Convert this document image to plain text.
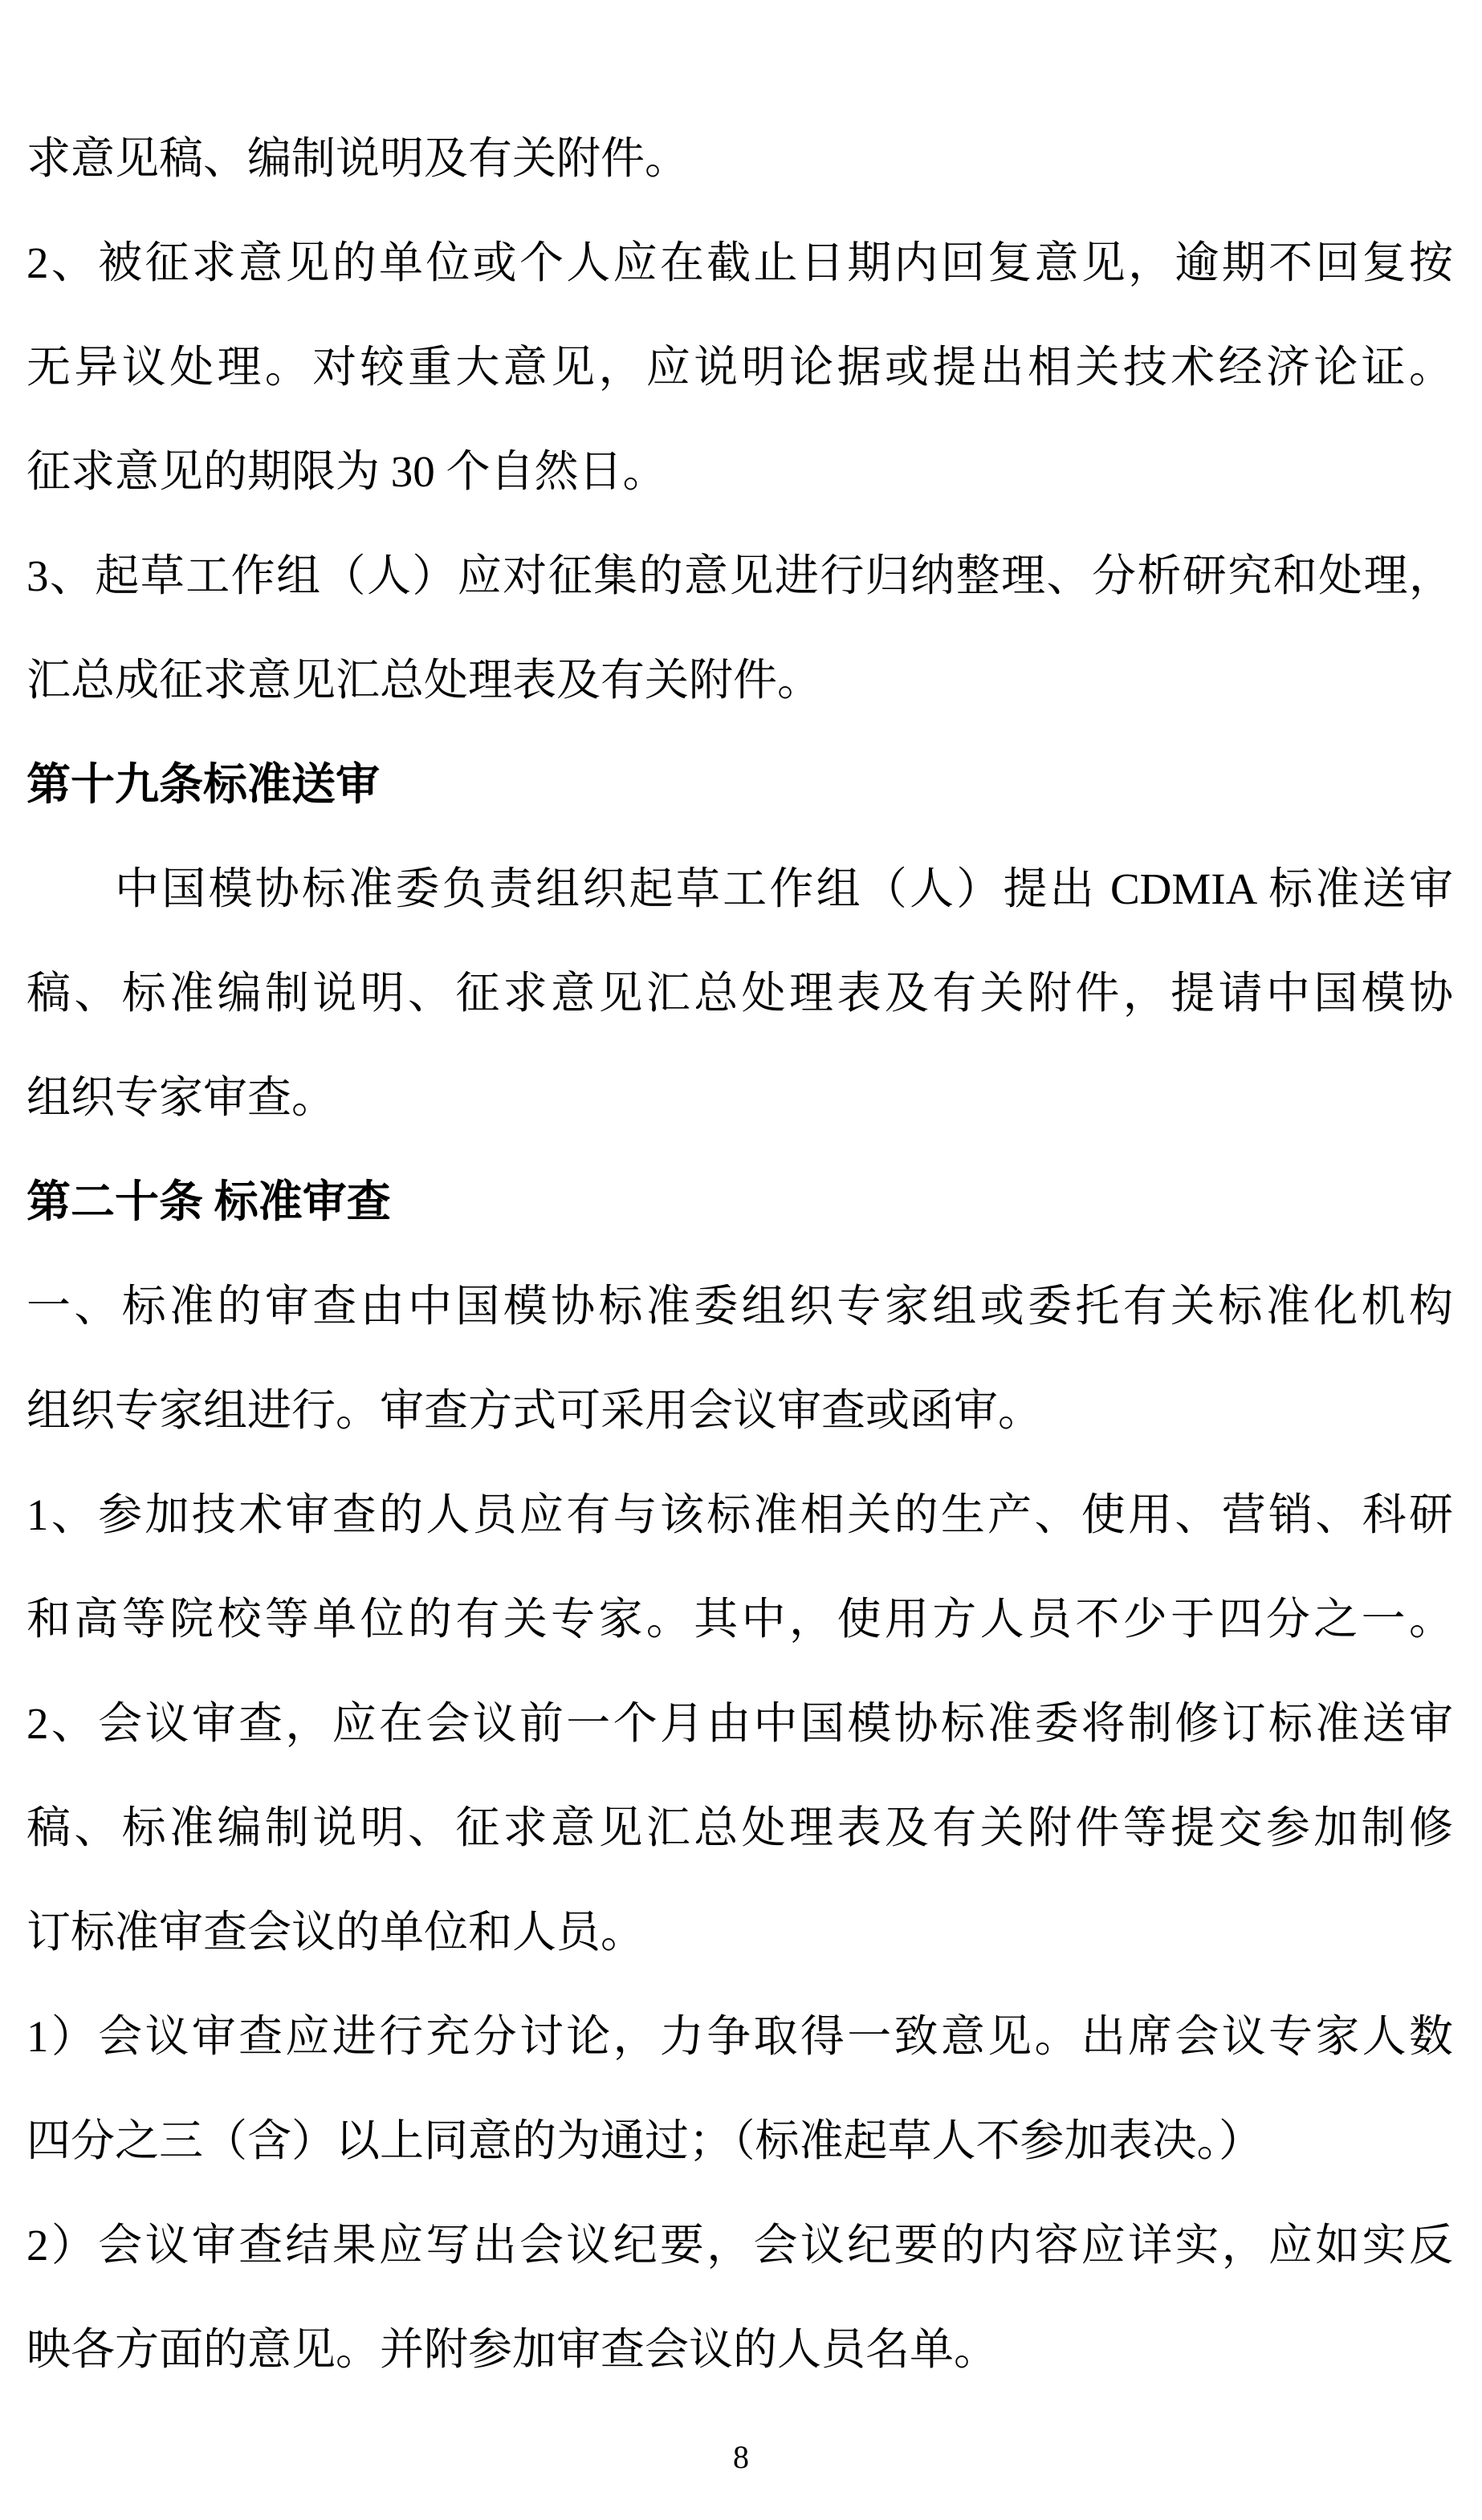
求意见稿、编制说明及有关附件。
2、被征求意见的单位或个人应在截止日期内回复意见，逾期不回复按
无异议处理。对较重大意见，应说明论据或提出相关技术经济论证。
征求意见的期限为 30 个自然日。
3、起草工作组（人）应对征集的意见进行归纳整理、分析研究和处理，
汇总成征求意见汇总处理表及有关附件。
第十九条标准送审
中国模协标准委负责组织起草工作组（人）提出 CDMIA 标准送审
稿、标准编制说明、征求意见汇总处理表及有关附件，提请中国模协
组织专家审查。
第二十条 标准审查
一、标准的审查由中国模协标准委组织专家组或委托有关标准化机构
组织专家组进行。审查方式可采用会议审查或函审。
1、参加技术审查的人员应有与该标准相关的生产、使用、营销、科研
和高等院校等单位的有关专家。其中，使用方人员不少于四分之一。
2、会议审查，应在会议前一个月由中国模协标准委将制修订标准送审
稿、标准编制说明、征求意见汇总处理表及有关附件等提交参加制修
订标准审查会议的单位和人员。
1）会议审查应进行充分讨论，力争取得一致意见。出席会议专家人数
四分之三（含）以上同意的为通过；（标准起草人不参加表决。）
2）会议审查结果应写出会议纪要，会议纪要的内容应详实，应如实反
映各方面的意见。并附参加审查会议的人员名单。
8
